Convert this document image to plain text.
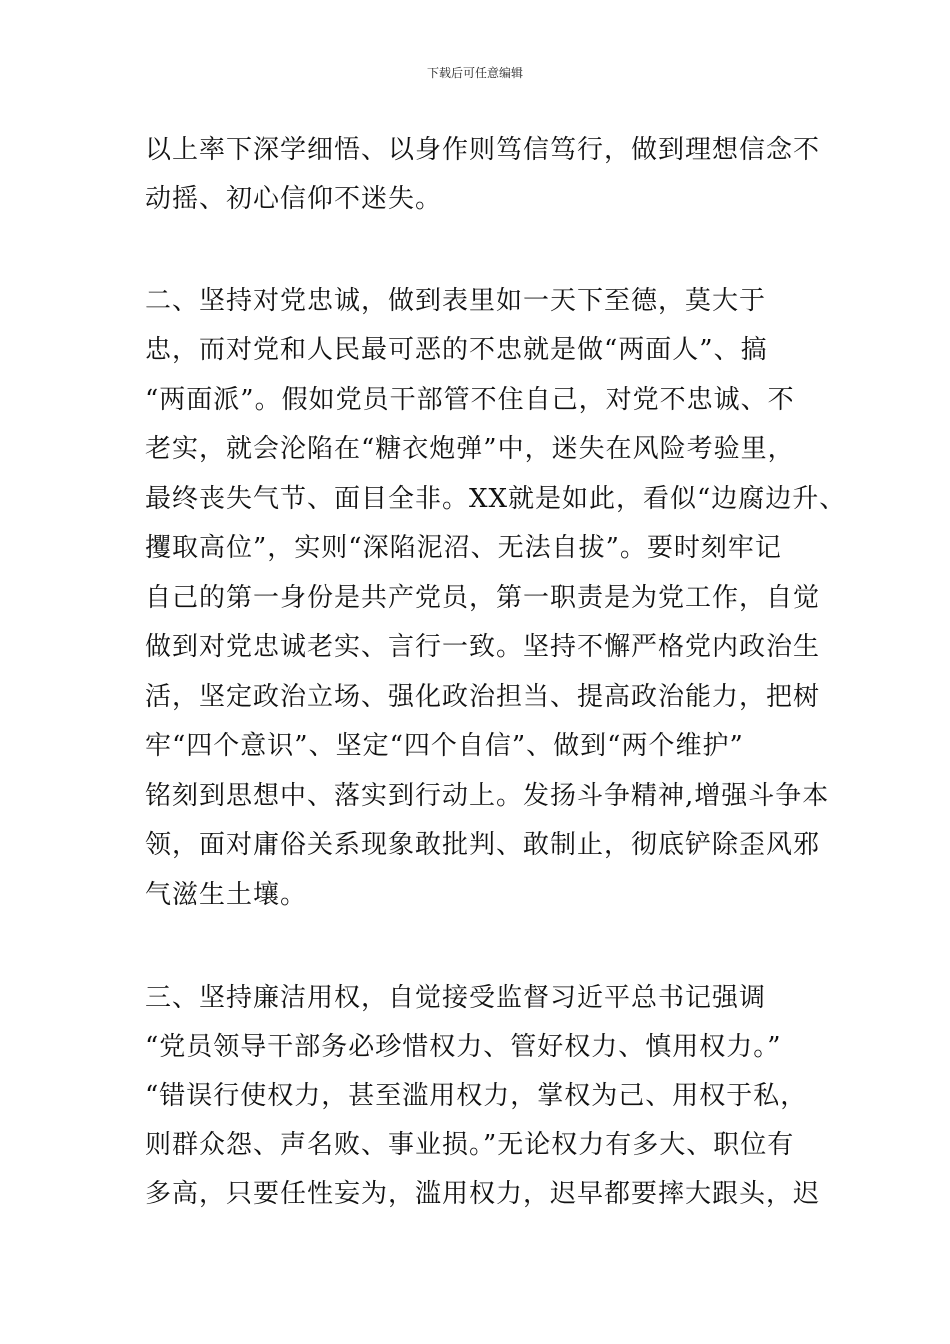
下载后可任意编辑
以上率下深学细悟、以身作则笃信笃行，做到理想信念不
动摇、初心信仰不迷失。
二、坚持对党忠诚，做到表里如一天下至德，莫大于
忠，而对党和人民最可恶的不忠就是做“两面人”、搞
“两面派”。假如党员干部管不住自己，对党不忠诚、不
老实，就会沦陷在“糖衣炮弹”中，迷失在风险考验里，
最终丧失气节、面目全非。XX就是如此，看似“边腐边升、
攫取高位”，实则“深陷泥沼、无法自拔”。要时刻牢记
自己的第一身份是共产党员，第一职责是为党工作，自觉
做到对党忠诚老实、言行一致。坚持不懈严格党内政治生
活，坚定政治立场、强化政治担当、提高政治能力，把树
牢“四个意识”、坚定“四个自信”、做到“两个维护”
铭刻到思想中、落实到行动上。发扬斗争精神,增强斗争本
领，面对庸俗关系现象敢批判、敢制止，彻底铲除歪风邪
气滋生土壤。
三、坚持廉洁用权，自觉接受监督习近平总书记强调
“党员领导干部务必珍惜权力、管好权力、慎用权力。”
“错误行使权力，甚至滥用权力，掌权为己、用权于私，
则群众怨、声名败、事业损。”无论权力有多大、职位有
多高，只要任性妄为，滥用权力，迟早都要摔大跟头，迟
